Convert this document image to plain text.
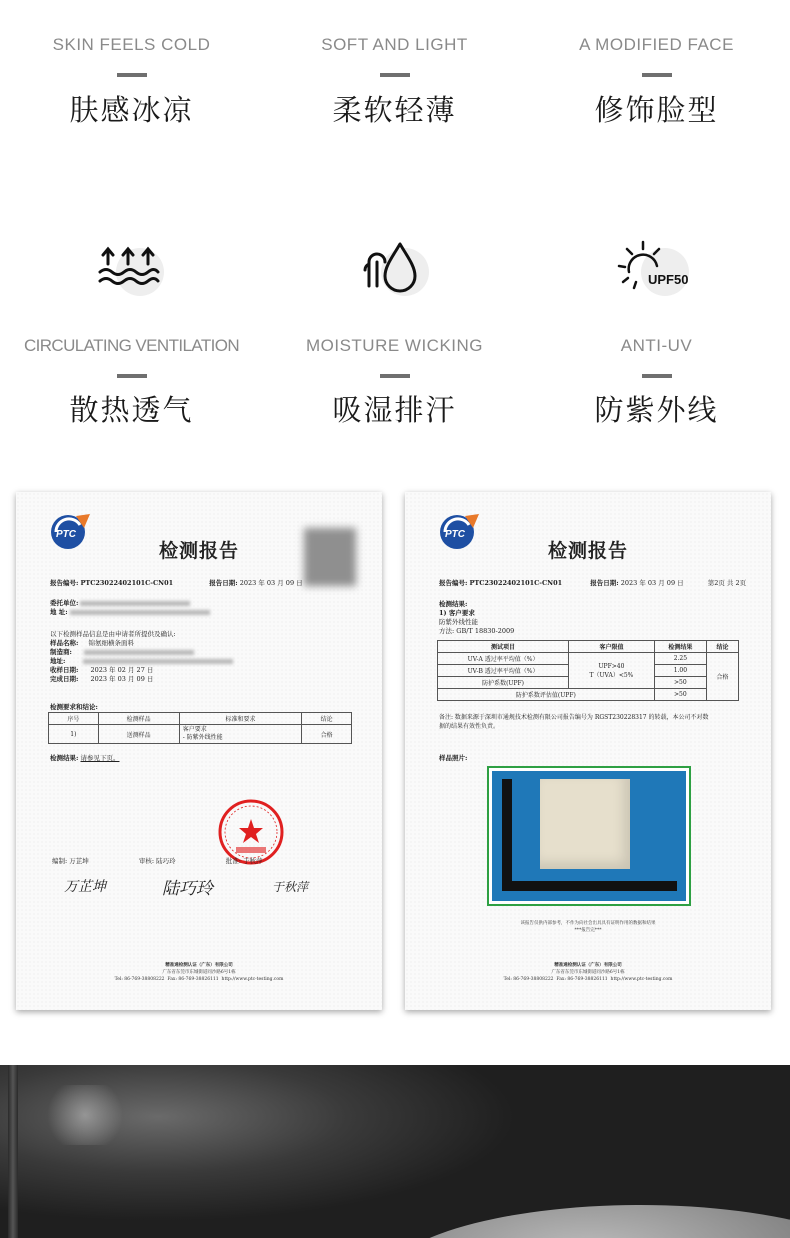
SKIN FEELS COLD
肤感冰凉
SOFT AND LIGHT
柔软轻薄
A MODIFIED FACE
修饰脸型
UPF50
CIRCULATING VENTILATION
散热透气
MOISTURE WICKING
吸湿排汗
ANTI-UV
防紫外线
PTC
检测报告
报告编号: PTC23022402101C-CN01	报告日期: 2023 年 03 月 09 日
委托单位:
地 址:
以下检测样品信息是由申请者所提供及确认:
样品名称: 锦氨细横条面料
制造商:
地址:
收样日期: 2023 年 02 月 27 日
完成日期: 2023 年 03 月 09 日
检测要求和结论:
序号	检测样品	标准和要求	结论
1)	送测样品	客户要求
- 防紫外线性能	合格
检测结果: 请参见下页。
编制: 万芷坤	审核: 陆巧玲	批准: 于秋萍
万芷坤	陆巧玲	于秋萍
精准通检测认证（广东）有限公司
广东省东莞市东城街道同沙路6号1栋
Tel: 86-769-38808222 Fax: 86-769-38826111 http://www.ptc-testing.com
PTC
检测报告
报告编号: PTC23022402101C-CN01	报告日期: 2023 年 03 月 09 日	第2页 共 2页
检测结果:
1) 客户要求
防紫外线性能
方法: GB/T 18830-2009
测试项目	客户限值	检测结果	结论
UV-A 透过率平均值（%）	UPF>40
T（UVA）<5%	2.25	合格
UV-B 透过率平均值（%）		1.00	
防护系数(UPF)		>50	
防护系数评估值(UPF)		>50	
备注: 数据来源于深圳市通规技术检测有限公司报告编号为 RGST230228317 的转载，本公司不对数
据的结果有效性负责。
样品照片:
该报告仅供内部参考，不作为向社会出具具有证明作用的数据和结果
***报告完***
精准通检测认证（广东）有限公司
广东省东莞市东城街道同沙路6号1栋
Tel: 86-769-38808222 Fax: 86-769-38826111 http://www.ptc-testing.com
